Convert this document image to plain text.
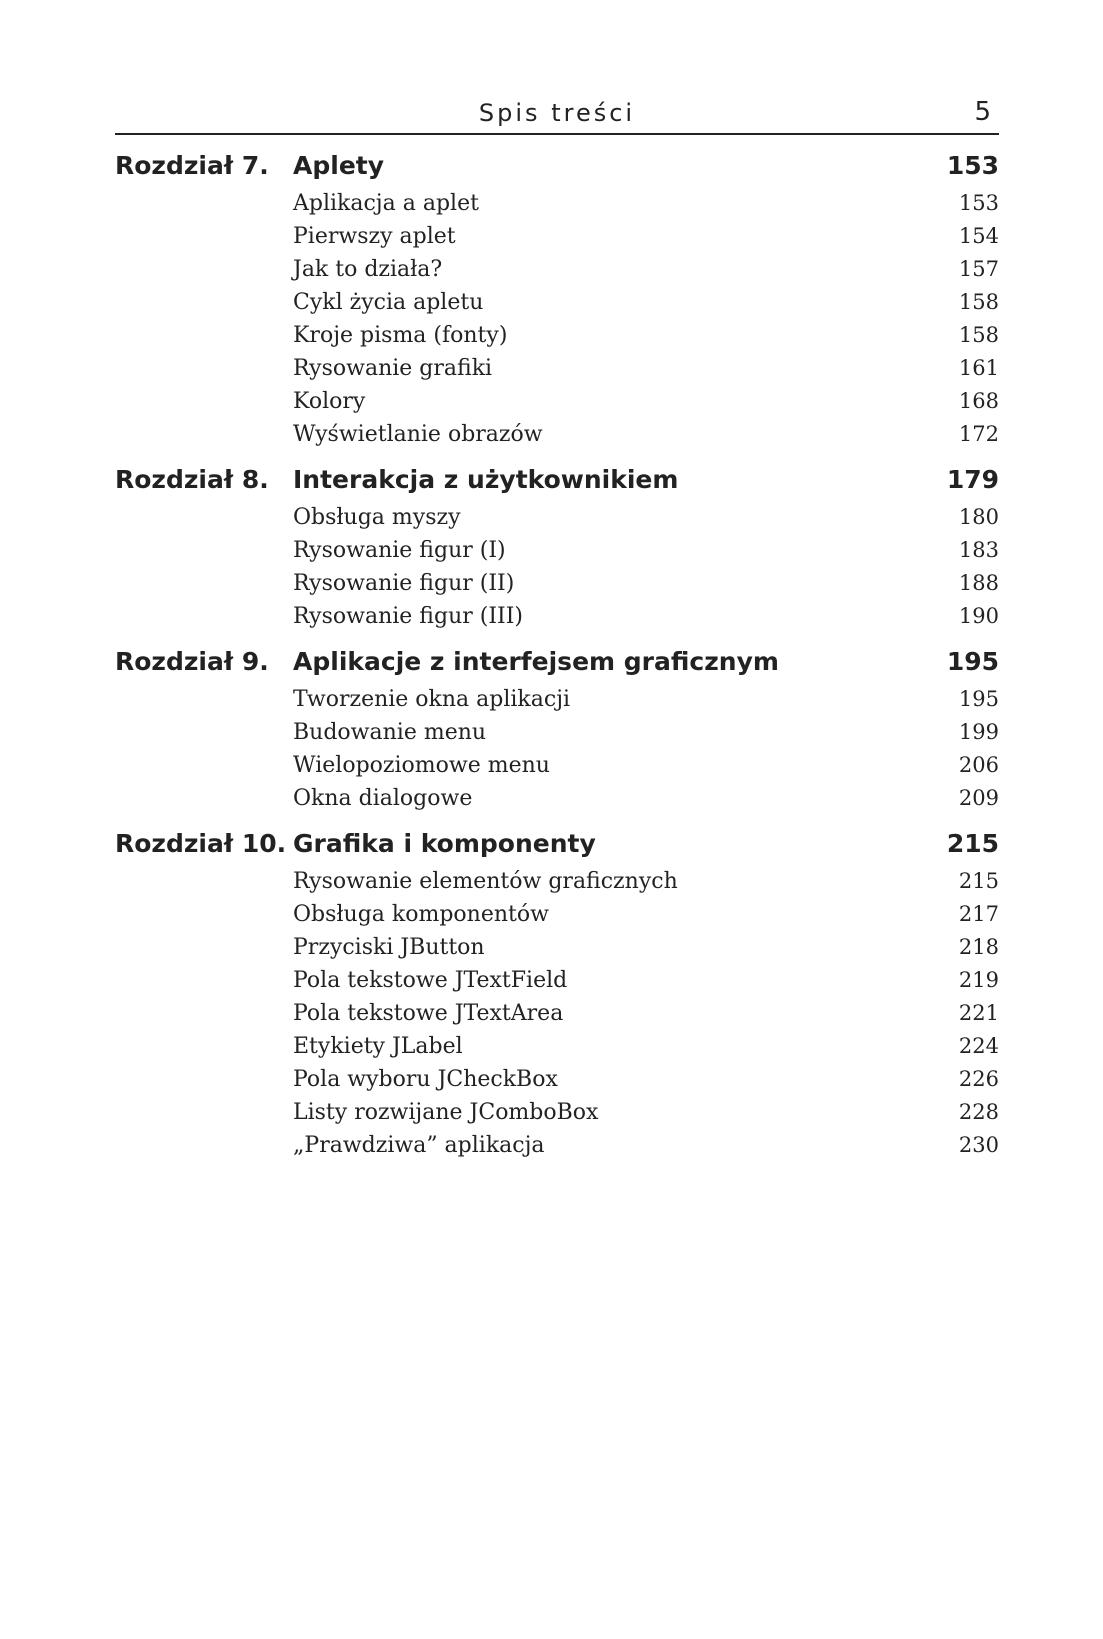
Spis treści	5
Rozdział 7. Aplety	153
Aplikacja a aplet	153
Pierwszy aplet	154
Jak to działa?	157
Cykl życia apletu	158
Kroje pisma (fonty)	158
Rysowanie grafiki	161
Kolory	168
Wyświetlanie obrazów	172
Rozdział 8. Interakcja z użytkownikiem	179
Obsługa myszy	180
Rysowanie figur (I)	183
Rysowanie figur (II)	188
Rysowanie figur (III)	190
Rozdział 9. Aplikacje z interfejsem graficznym	195
Tworzenie okna aplikacji	195
Budowanie menu	199
Wielopoziomowe menu	206
Okna dialogowe	209
Rozdział 10. Grafika i komponenty	215
Rysowanie elementów graficznych	215
Obsługa komponentów	217
Przyciski JButton	218
Pola tekstowe JTextField	219
Pola tekstowe JTextArea	221
Etykiety JLabel	224
Pola wyboru JCheckBox	226
Listy rozwijane JComboBox	228
„Prawdziwa” aplikacja	230
